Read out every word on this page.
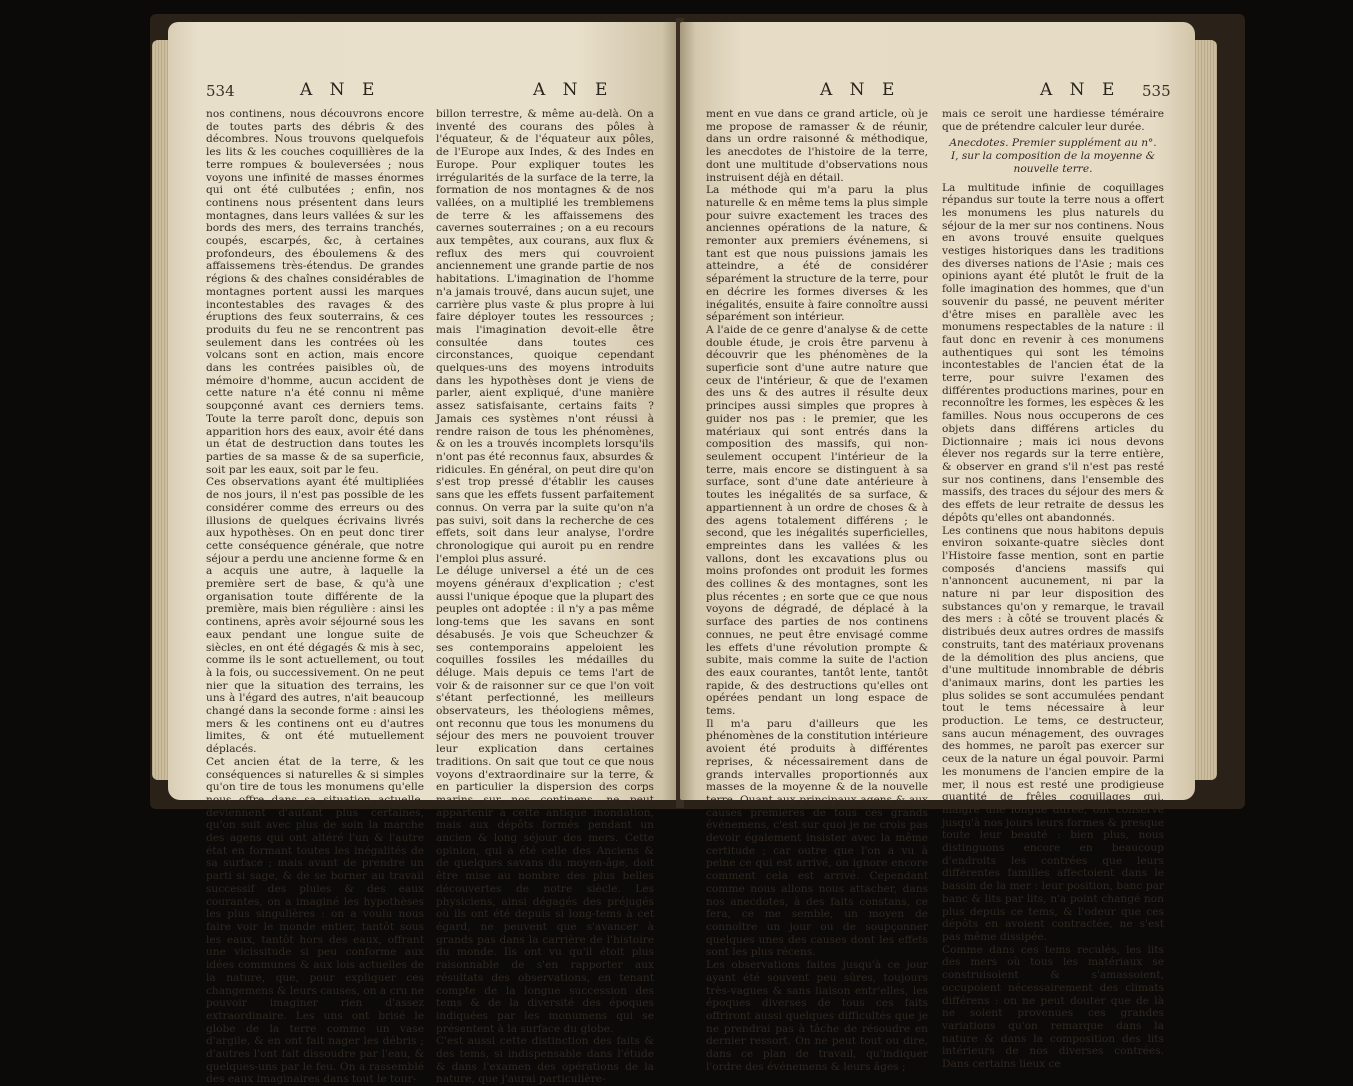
534	A N E	A N E
nos continens, nous découvrons encore de toutes parts des débris & des décombres. Nous trouvons quelquefois les lits & les couches coquillières de la terre rompues & bouleversées ; nous voyons une infinité de masses énormes qui ont été culbutées ; enfin, nos continens nous présentent dans leurs montagnes, dans leurs vallées & sur les bords des mers, des terrains tranchés, coupés, escarpés, &c, à certaines profondeurs, des éboulemens & des affaissemens très-étendus. De grandes régions & des chaînes considérables de montagnes portent aussi les marques incontestables des ravages & des éruptions des feux souterrains, & ces produits du feu ne se rencontrent pas seulement dans les contrées où les volcans sont en action, mais encore dans les contrées paisibles où, de mémoire d'homme, aucun accident de cette nature n'a été connu ni même soupçonné avant ces derniers tems. Toute la terre paroît donc, depuis son apparition hors des eaux, avoir été dans un état de destruction dans toutes les parties de sa masse & de sa superficie, soit par les eaux, soit par le feu.
Ces observations ayant été multipliées de nos jours, il n'est pas possible de les considérer comme des erreurs ou des illusions de quelques écrivains livrés aux hypothèses. On en peut donc tirer cette conséquence générale, que notre séjour a perdu une ancienne forme & en a acquis une autre, à laquelle la première sert de base, & qu'à une organisation toute différente de la première, mais bien régulière : ainsi les continens, après avoir séjourné sous les eaux pendant une longue suite de siècles, en ont été dégagés & mis à sec, comme ils le sont actuellement, ou tout à la fois, ou successivement. On ne peut nier que la situation des terrains, les uns à l'égard des autres, n'ait beaucoup changé dans la seconde forme : ainsi les mers & les continens ont eu d'autres limites, & ont été mutuellement déplacés.
Cet ancien état de la terre, & les conséquences si naturelles & si simples qu'on tire de tous les monumens qu'elle nous offre dans sa situation actuelle, deviennent d'autant plus certaines, qu'on suit avec plus de soin la marche des agens qui ont altéré l'un & l'autre état en formant toutes les inégalités de sa surface ; mais avant de prendre un parti si sage, & de se borner au travail successif des pluies & des eaux courantes, on a imaginé les hypothèses les plus singulières : on a voulu nous faire voir le monde entier, tantôt sous les eaux, tantôt hors des eaux, offrant une vicissitude si peu conforme aux idées communes & aux lois actuelles de la nature, que, pour expliquer ces changemens & leurs causes, on a cru ne pouvoir imaginer rien d'assez extraordinaire. Les uns ont brisé le globe de la terre comme un vase d'argile, & en ont fait nager les débris ; d'autres l'ont fait dissoudre par l'eau, & quelques-uns par le feu. On a rassemblé des eaux imaginaires dans tout le tour-
billon terrestre, & même au-delà. On a inventé des courans des pôles à l'équateur, & de l'équateur aux pôles, de l'Europe aux Indes, & des Indes en Europe. Pour expliquer toutes les irrégularités de la surface de la terre, la formation de nos montagnes & de nos vallées, on a multiplié les tremblemens de terre & les affaissemens des cavernes souterraines ; on a eu recours aux tempêtes, aux courans, aux flux & reflux des mers qui couvroient anciennement une grande partie de nos habitations. L'imagination de l'homme n'a jamais trouvé, dans aucun sujet, une carrière plus vaste & plus propre à lui faire déployer toutes les ressources ; mais l'imagination devoit-elle être consultée dans toutes ces circonstances, quoique cependant quelques-uns des moyens introduits dans les hypothèses dont je viens de parler, aient expliqué, d'une manière assez satisfaisante, certains faits ? Jamais ces systèmes n'ont réussi à rendre raison de tous les phénomènes, & on les a trouvés incomplets lorsqu'ils n'ont pas été reconnus faux, absurdes & ridicules. En général, on peut dire qu'on s'est trop pressé d'établir les causes sans que les effets fussent parfaitement connus. On verra par la suite qu'on n'a pas suivi, soit dans la recherche de ces effets, soit dans leur analyse, l'ordre chronologique qui auroit pu en rendre l'emploi plus assuré.
Le déluge universel a été un de ces moyens généraux d'explication ; c'est aussi l'unique époque que la plupart des peuples ont adoptée : il n'y a pas même long-tems que les savans en sont désabusés. Je vois que Scheuchzer & ses contemporains appeloient les coquilles fossiles les médailles du déluge. Mais depuis ce tems l'art de voir & de raisonner sur ce que l'on voit s'étant perfectionné, les meilleurs observateurs, les théologiens mêmes, ont reconnu que tous les monumens du séjour des mers ne pouvoient trouver leur explication dans certaines traditions. On sait que tout ce que nous voyons d'extraordinaire sur la terre, & en particulier la dispersion des corps marins sur nos continens, ne peut appartenir à cette antique inondation, mais aux dépôts formés pendant un ancien & long séjour des mers. Cette opinion, qui a été celle des Anciens & de quelques savans du moyen-âge, doit être mise au nombre des plus belles découvertes de notre siècle. Les physiciens, ainsi dégagés des préjugés où ils ont été depuis si long-tems à cet égard, ne peuvent que s'avancer à grands pas dans la carrière de l'histoire du monde. Ils ont vu qu'il étoit plus raisonnable de s'en rapporter aux résultats des observations, en tenant compte de la longue succession des tems & de la diversité des époques indiquées par les monumens qui se présentent à la surface du globe.
C'est aussi cette distinction des faits & des tems, si indispensable dans l'étude & dans l'examen des opérations de la nature, que j'aurai particulière-
A N E	A N E 535
ment en vue dans ce grand article, où je me propose de ramasser & de réunir, dans un ordre raisonné & méthodique, les anecdotes de l'histoire de la terre, dont une multitude d'observations nous instruisent déjà en détail.
La méthode qui m'a paru la plus naturelle & en même tems la plus simple pour suivre exactement les traces des anciennes opérations de la nature, & remonter aux premiers événemens, si tant est que nous puissions jamais les atteindre, a été de considérer séparément la structure de la terre, pour en décrire les formes diverses & les inégalités, ensuite à faire connoître aussi séparément son intérieur.
A l'aide de ce genre d'analyse & de cette double étude, je crois être parvenu à découvrir que les phénomènes de la superficie sont d'une autre nature que ceux de l'intérieur, & que de l'examen des uns & des autres il résulte deux principes aussi simples que propres à guider nos pas : le premier, que les matériaux qui sont entrés dans la composition des massifs, qui non-seulement occupent l'intérieur de la terre, mais encore se distinguent à sa surface, sont d'une date antérieure à toutes les inégalités de sa surface, & appartiennent à un ordre de choses & à des agens totalement différens ; le second, que les inégalités superficielles, empreintes dans les vallées & les vallons, dont les excavations plus ou moins profondes ont produit les formes des collines & des montagnes, sont les plus récentes ; en sorte que ce que nous voyons de dégradé, de déplacé à la surface des parties de nos continens connues, ne peut être envisagé comme les effets d'une révolution prompte & subite, mais comme la suite de l'action des eaux courantes, tantôt lente, tantôt rapide, & des destructions qu'elles ont opérées pendant un long espace de tems.
Il m'a paru d'ailleurs que les phénomènes de la constitution intérieure avoient été produits à différentes reprises, & nécessairement dans de grands intervalles proportionnés aux masses de la moyenne & de la nouvelle terre. Quant aux principaux agens & aux causes premières de tous ces grands événemens, c'est sur quoi je ne crois pas devoir également insister avec la même certitude ; car outre que l'on a vu à peine ce qui est arrivé, on ignore encore comment cela est arrivé. Cependant comme nous allons nous attacher, dans nos anecdotes, à des faits constans, ce fera, ce me semble, un moyen de connoître un jour ou de soupçonner quelques unes des causes dont les effets sont les plus récens.
Les observations faites jusqu'à ce jour ayant été souvent peu sûres, toujours très-vagues & sans liaison entr'elles, les époques diverses de tous ces faits offriront aussi quelques difficultés que je ne prendrai pas à tâche de résoudre en dernier ressort. On ne peut tout ou dire, dans ce plan de travail, qu'indiquer l'ordre des événemens & leurs âges ;
mais ce seroit une hardiesse téméraire que de prétendre calculer leur durée.
Anecdotes. Premier supplément au n°. I, sur la composition de la moyenne & nouvelle terre.
La multitude infinie de coquillages répandus sur toute la terre nous a offert les monumens les plus naturels du séjour de la mer sur nos continens. Nous en avons trouvé ensuite quelques vestiges historiques dans les traditions des diverses nations de l'Asie ; mais ces opinions ayant été plutôt le fruit de la folle imagination des hommes, que d'un souvenir du passé, ne peuvent mériter d'être mises en parallèle avec les monumens respectables de la nature : il faut donc en revenir à ces monumens authentiques qui sont les témoins incontestables de l'ancien état de la terre, pour suivre l'examen des différentes productions marines, pour en reconnoître les formes, les espèces & les familles. Nous nous occuperons de ces objets dans différens articles du Dictionnaire ; mais ici nous devons élever nos regards sur la terre entière, & observer en grand s'il n'est pas resté sur nos continens, dans l'ensemble des massifs, des traces du séjour des mers & des effets de leur retraite de dessus les dépôts qu'elles ont abandonnés.
Les continens que nous habitons depuis environ soixante-quatre siècles dont l'Histoire fasse mention, sont en partie composés d'anciens massifs qui n'annoncent aucunement, ni par la nature ni par leur disposition des substances qu'on y remarque, le travail des mers : à côté se trouvent placés & distribués deux autres ordres de massifs construits, tant des matériaux provenans de la démolition des plus anciens, que d'une multitude innombrable de débris d'animaux marins, dont les parties les plus solides se sont accumulées pendant tout le tems nécessaire à leur production. Le tems, ce destructeur, sans aucun ménagement, des ouvrages des hommes, ne paroît pas exercer sur ceux de la nature un égal pouvoir. Parmi les monumens de l'ancien empire de la mer, il nous est resté une prodigieuse quantité de frêles coquillages qui, malgré une longue durée, ont conservé jusqu'à nos jours leurs formes & presque toute leur beauté : bien plus, nous distinguons encore en beaucoup d'endroits les contrées que leurs différentes familles affectoient dans le bassin de la mer : leur position, banc par banc & lits par lits, n'a point changé non plus depuis ce tems, & l'odeur que ces dépôts en avoient contractée, ne s'est pas même dissipée.
Comme dans ces tems reculés, les lits des mers où tous les matériaux se construisoient & s'amassoient, occupoient nécessairement des climats différens : on ne peut douter que de là ne soient provenues ces grandes variations qu'on remarque dans la nature & dans la composition des lits intérieurs de nos diverses contrées. Dans certains lieux ce
